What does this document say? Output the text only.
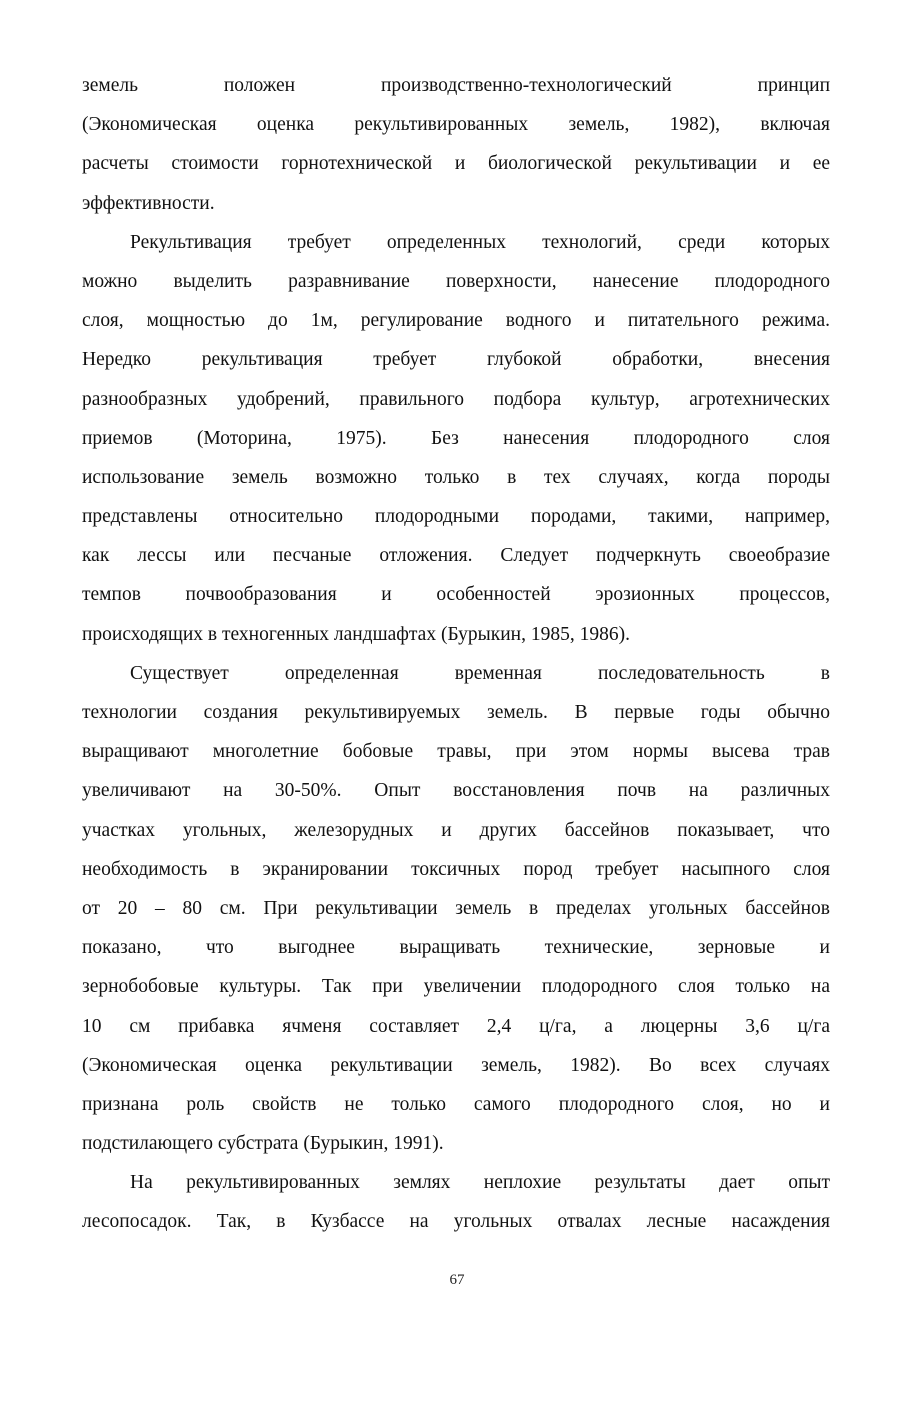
земель положен производственно-технологический принцип
(Экономическая оценка рекультивированных земель, 1982), включая
расчеты стоимости горнотехнической и биологической рекультивации и ее
эффективности.
Рекультивация требует определенных технологий, среди которых
можно выделить разравнивание поверхности, нанесение плодородного
слоя, мощностью до 1м, регулирование водного и питательного режима.
Нередко рекультивация требует глубокой обработки, внесения
разнообразных удобрений, правильного подбора культур, агротехнических
приемов (Моторина, 1975). Без нанесения плодородного слоя
использование земель возможно только в тех случаях, когда породы
представлены относительно плодородными породами, такими, например,
как лессы или песчаные отложения. Следует подчеркнуть своеобразие
темпов почвообразования и особенностей эрозионных процессов,
происходящих в техногенных ландшафтах (Бурыкин, 1985, 1986).
Существует определенная временная последовательность в
технологии создания рекультивируемых земель. В первые годы обычно
выращивают многолетние бобовые травы, при этом нормы высева трав
увеличивают на 30-50%. Опыт восстановления почв на различных
участках угольных, железорудных и других бассейнов показывает, что
необходимость в экранировании токсичных пород требует насыпного слоя
от 20 – 80 см. При рекультивации земель в пределах угольных бассейнов
показано, что выгоднее выращивать технические, зерновые и
зернобобовые культуры. Так при увеличении плодородного слоя только на
10 см прибавка ячменя составляет 2,4 ц/га, а люцерны 3,6 ц/га
(Экономическая оценка рекультивации земель, 1982). Во всех случаях
признана роль свойств не только самого плодородного слоя, но и
подстилающего субстрата (Бурыкин, 1991).
На рекультивированных землях неплохие результаты дает опыт
лесопосадок. Так, в Кузбассе на угольных отвалах лесные насаждения
67
